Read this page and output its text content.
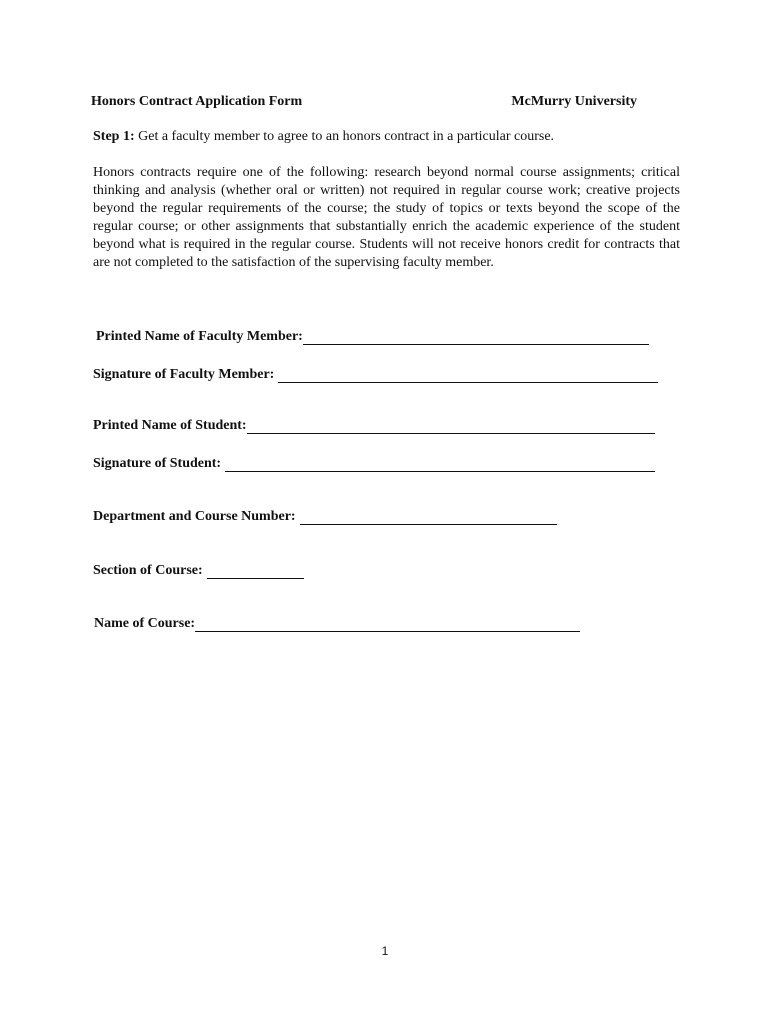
Honors Contract Application Form	McMurry University
Step 1: Get a faculty member to agree to an honors contract in a particular course.

Honors contracts require one of the following: research beyond normal course assignments; critical thinking and analysis (whether oral or written) not required in regular course work; creative projects beyond the regular requirements of the course; the study of topics or texts beyond the scope of the regular course; or other assignments that substantially enrich the academic experience of the student beyond what is required in the regular course. Students will not receive honors credit for contracts that are not completed to the satisfaction of the supervising faculty member.

Printed Name of Faculty Member:
Signature of Faculty Member:
Printed Name of Student:
Signature of Student:
Department and Course Number:
Section of Course:
Name of Course:
1
